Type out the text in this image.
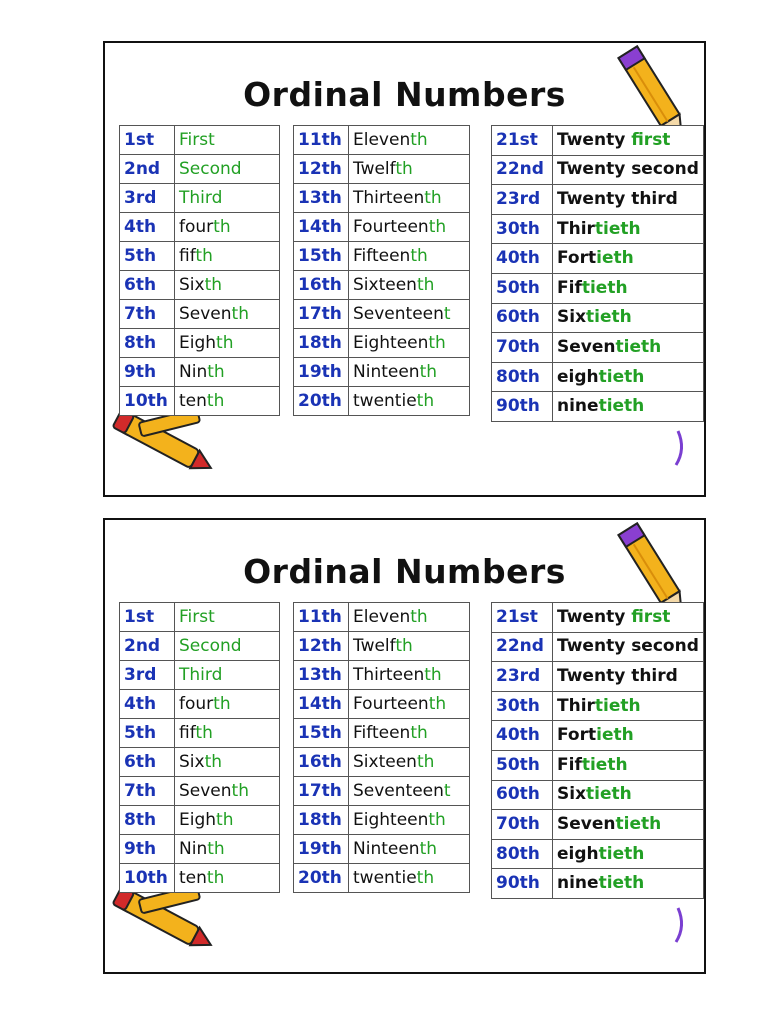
Ordinal Numbers
1st	First
2nd	Second
3rd	Third
4th	fourth
5th	fifth
6th	Sixth
7th	Seventh
8th	Eighth
9th	Ninth
10th	tenth
11th	Eleventh
12th	Twelfth
13th	Thirteenth
14th	Fourteenth
15th	Fifteenth
16th	Sixteenth
17th	Seventeent
18th	Eighteenth
19th	Ninteenth
20th	twentieth
21st	Twenty first
22nd	Twenty second
23rd	Twenty third
30th	Thirtieth
40th	Fortieth
50th	Fiftieth
60th	Sixtieth
70th	Seventieth
80th	eightieth
90th	ninetieth
Ordinal Numbers
1st	First
2nd	Second
3rd	Third
4th	fourth
5th	fifth
6th	Sixth
7th	Seventh
8th	Eighth
9th	Ninth
10th	tenth
11th	Eleventh
12th	Twelfth
13th	Thirteenth
14th	Fourteenth
15th	Fifteenth
16th	Sixteenth
17th	Seventeent
18th	Eighteenth
19th	Ninteenth
20th	twentieth
21st	Twenty first
22nd	Twenty second
23rd	Twenty third
30th	Thirtieth
40th	Fortieth
50th	Fiftieth
60th	Sixtieth
70th	Seventieth
80th	eightieth
90th	ninetieth
